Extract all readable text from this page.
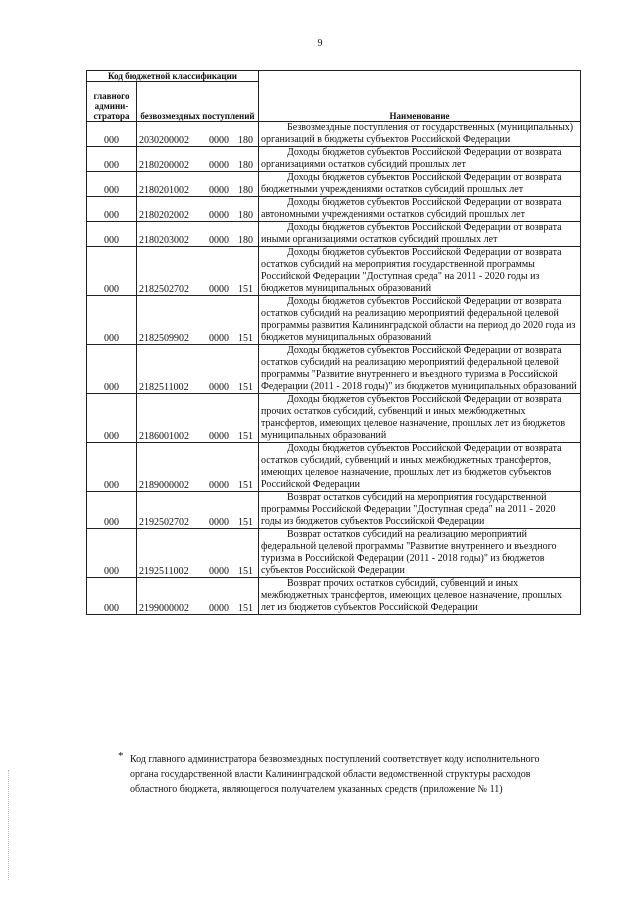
9
Код бюджетной классификации		Наименование
главного админи-стратора	безвозмездных поступлений	
000	2030200002 0000 180	Безвозмездные поступления от государственных (муниципальных) организаций в бюджеты субъектов Российской Федерации

000	2180200002 0000 180	Доходы бюджетов субъектов Российской Федерации от возврата организациями остатков субсидий прошлых лет

000	2180201002 0000 180	Доходы бюджетов субъектов Российской Федерации от возврата бюджетными учреждениями остатков субсидий прошлых лет

000	2180202002 0000 180	Доходы бюджетов субъектов Российской Федерации от возврата автономными учреждениями остатков субсидий прошлых лет

000	2180203002 0000 180	Доходы бюджетов субъектов Российской Федерации от возврата иными организациями остатков субсидий прошлых лет

000	2182502702 0000 151	Доходы бюджетов субъектов Российской Федерации от возврата остатков субсидий на мероприятия государственной программы Российской Федерации "Доступная среда" на 2011 - 2020 годы из бюджетов муниципальных образований

000	2182509902 0000 151	Доходы бюджетов субъектов Российской Федерации от возврата остатков субсидий на реализацию мероприятий федеральной целевой программы развития Калининградской области на период до 2020 года из бюджетов муниципальных образований

000	2182511002 0000 151	Доходы бюджетов субъектов Российской Федерации от возврата остатков субсидий на реализацию мероприятий федеральной целевой программы "Развитие внутреннего и въездного туризма в Российской Федерации (2011 - 2018 годы)" из бюджетов муниципальных образований

000	2186001002 0000 151	Доходы бюджетов субъектов Российской Федерации от возврата прочих остатков субсидий, субвенций и иных межбюджетных трансфертов, имеющих целевое назначение, прошлых лет из бюджетов муниципальных образований

000	2189000002 0000 151	Доходы бюджетов субъектов Российской Федерации от возврата остатков субсидий, субвенций и иных межбюджетных трансфертов, имеющих целевое назначение, прошлых лет из бюджетов субъектов Российской Федерации

000	2192502702 0000 151	Возврат остатков субсидий на мероприятия государственной программы Российской Федерации "Доступная среда" на 2011 - 2020 годы из бюджетов субъектов Российской Федерации

000	2192511002 0000 151	Возврат остатков субсидий на реализацию мероприятий федеральной целевой программы "Развитие внутреннего и въездного туризма в Российской Федерации (2011 - 2018 годы)" из бюджетов субъектов Российской Федерации

000	2199000002 0000 151	Возврат прочих остатков субсидий, субвенций и иных межбюджетных трансфертов, имеющих целевое назначение, прошлых лет из бюджетов субъектов Российской Федерации
* Код главного администратора безвозмездных поступлений соответствует коду исполнительного органа государственной власти Калининградской области ведомственной структуры расходов областного бюджета, являющегося получателем указанных средств (приложение № 11)
